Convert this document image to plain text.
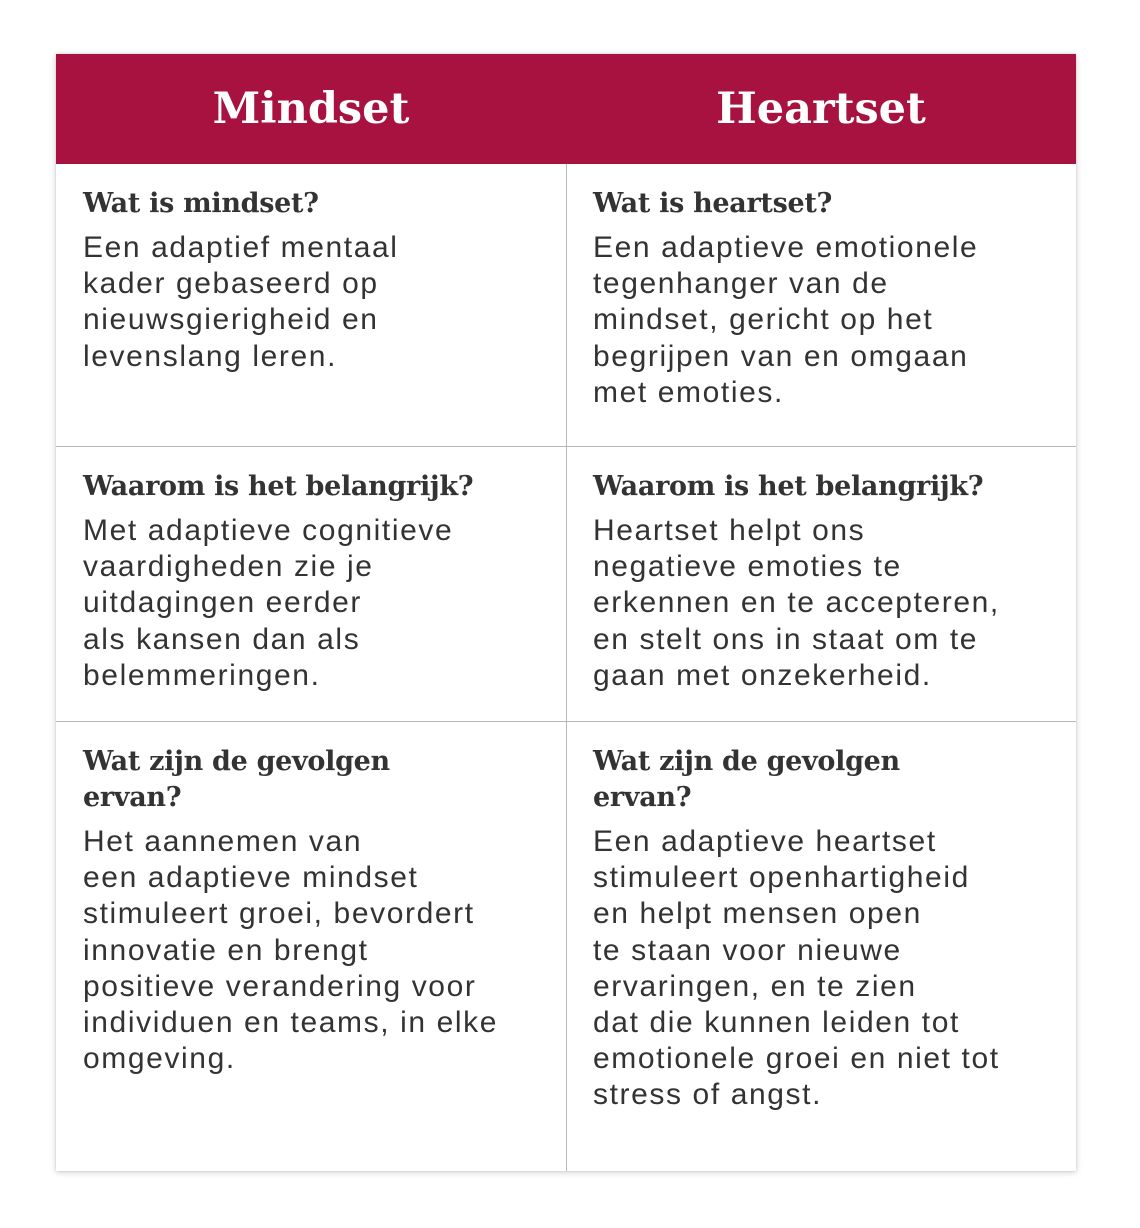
Mindset	Heartset
Wat is mindset?
Een adaptief mentaal
kader gebaseerd op
nieuwsgierigheid en
levenslang leren.
Wat is heartset?
Een adaptieve emotionele
tegenhanger van de
mindset, gericht op het
begrijpen van en omgaan
met emoties.
Waarom is het belangrijk?
Met adaptieve cognitieve
vaardigheden zie je
uitdagingen eerder
als kansen dan als
belemmeringen.
Waarom is het belangrijk?
Heartset helpt ons
negatieve emoties te
erkennen en te accepteren,
en stelt ons in staat om te
gaan met onzekerheid.
Wat zijn de gevolgen
ervan?
Het aannemen van
een adaptieve mindset
stimuleert groei, bevordert
innovatie en brengt
positieve verandering voor
individuen en teams, in elke
omgeving.
Wat zijn de gevolgen
ervan?
Een adaptieve heartset
stimuleert openhartigheid
en helpt mensen open
te staan voor nieuwe
ervaringen, en te zien
dat die kunnen leiden tot
emotionele groei en niet tot
stress of angst.
